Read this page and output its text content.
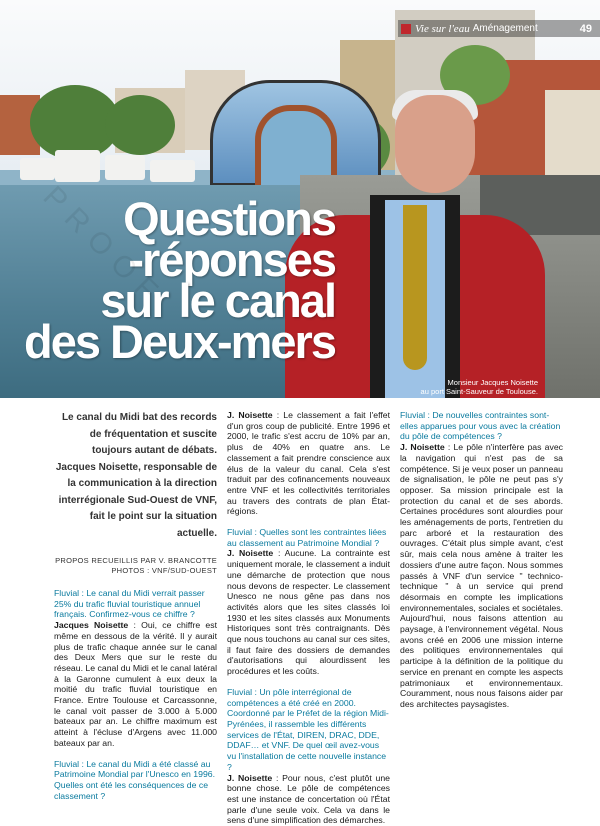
Vie sur l'eau Aménagement	49
Questions
-réponses
sur le canal
des Deux-mers
Monsieur Jacques Noisette
au port Saint-Sauveur de Toulouse.

Le canal du Midi bat des records de fréquentation et suscite toujours autant de débats. Jacques Noisette, responsable de la communication à la direction interrégionale Sud-Ouest de VNF, fait le point sur la situation actuelle.

PROPOS RECUEILLIS PAR V. BRANCOTTE
PHOTOS : VNF/SUD-OUEST

Fluvial : Le canal du Midi verrait passer 25% du trafic fluvial touristique annuel français. Confirmez-vous ce chiffre ?

Jacques Noisette : Oui, ce chiffre est même en dessous de la vérité. Il y aurait plus de trafic chaque année sur le canal des Deux Mers que sur le reste du réseau. Le canal du Midi et le canal latéral à la Garonne cumulent à eux deux la moitié du trafic fluvial touristique en France. Entre Toulouse et Carcassonne, le canal voit passer de 3.000 à 5.000 bateaux par an. Le chiffre maximum est atteint à l'écluse d'Argens avec 11.000 bateaux par an.

Fluvial : Le canal du Midi a été classé au Patrimoine Mondial par l'Unesco en 1996. Quelles ont été les conséquences de ce classement ?

J. Noisette : Le classement a fait l'effet d'un gros coup de publicité. Entre 1996 et 2000, le trafic s'est accru de 10% par an, plus de 40% en quatre ans. Le classement a fait prendre conscience aux élus de la valeur du canal. Cela s'est traduit par des cofinancements nouveaux entre VNF et les collectivités territoriales au travers des contrats de plan État-régions.

Fluvial : Quelles sont les contraintes liées au classement au Patrimoine Mondial ?

J. Noisette : Aucune. La contrainte est uniquement morale, le classement a induit une démarche de protection que nous nous devons de respecter. Le classement Unesco ne nous gêne pas dans nos activités alors que les sites classés loi 1930 et les sites classés aux Monuments Historiques sont très contraignants. Dès que nous touchons au canal sur ces sites, il faut faire des dossiers de demandes d'autorisations qui alourdissent les procédures et les coûts.

Fluvial : Un pôle interrégional de compétences a été créé en 2000. Coordonné par le Préfet de la région Midi-Pyrénées, il rassemble les différents services de l'État, DIREN, DRAC, DDE, DDAF… et VNF. De quel œil avez-vous vu l'installation de cette nouvelle instance ?

J. Noisette : Pour nous, c'est plutôt une bonne chose. Le pôle de compétences est une instance de concertation où l'État parle d'une seule voix. Cela va dans le sens d'une simplification des démarches.

Fluvial : De nouvelles contraintes sont-elles apparues pour vous avec la création du pôle de compétences ?

J. Noisette : Le pôle n'interfère pas avec la navigation qui n'est pas de sa compétence. Si je veux poser un panneau de signalisation, le pôle ne peut pas s'y opposer. Sa mission principale est la protection du canal et de ses abords. Certaines procédures sont alourdies pour les aménagements de ports, l'entretien du parc arboré et la restauration des ouvrages. C'était plus simple avant, c'est sûr, mais cela nous amène à traiter les dossiers d'une autre façon. Nous sommes passés à VNF d'un service " technico- technique " à un service qui prend désormais en compte les implications environnementales, sociales et sociétales. Aujourd'hui, nous faisons attention au paysage, à l'environnement végétal. Nous avons créé en 2006 une mission interne des politiques environnementales qui participe à la définition de la politique du service en prenant en compte les aspects patrimoniaux et environnementaux. Couramment, nous nous faisons aider par des architectes paysagistes.
